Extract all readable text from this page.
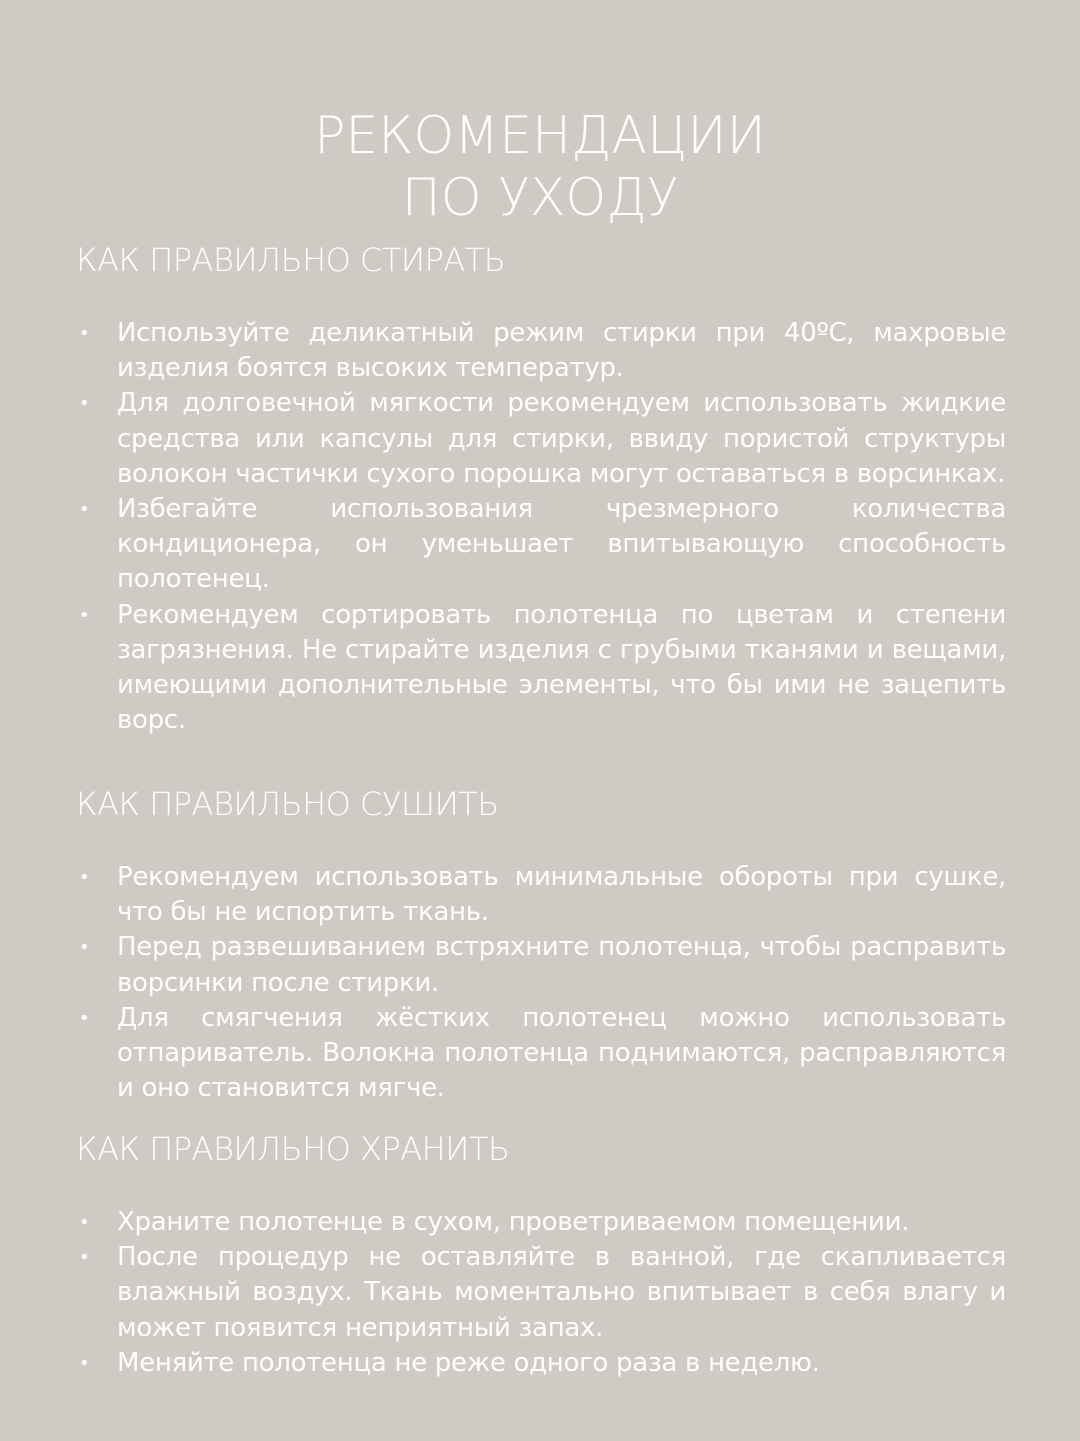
РЕКОМЕНДАЦИИ
ПО УХОДУ
КАК ПРАВИЛЬНО СТИРАТЬ
• Используйте деликатный режим стирки при 40ºС, махровые изделия боятся высоких температур.
• Для долговечной мягкости рекомендуем использовать жидкие средства или капсулы для стирки, ввиду пористой структуры волокон частички сухого порошка могут оставаться в ворсинках.
• Избегайте использования чрезмерного количества кондиционера, он уменьшает впитывающую способность полотенец.
• Рекомендуем сортировать полотенца по цветам и степени загрязнения. Не стирайте изделия с грубыми тканями и вещами, имеющими дополнительные элементы, что бы ими не зацепить ворс.
КАК ПРАВИЛЬНО СУШИТЬ
• Рекомендуем использовать минимальные обороты при сушке, что бы не испортить ткань.
• Перед развешиванием встряхните полотенца, чтобы расправить ворсинки после стирки.
• Для смягчения жёстких полотенец можно использовать отпариватель. Волокна полотенца поднимаются, расправляются и оно становится мягче.
КАК ПРАВИЛЬНО ХРАНИТЬ
• Храните полотенце в сухом, проветриваемом помещении.
• После процедур не оставляйте в ванной, где скапливается влажный воздух. Ткань моментально впитывает в себя влагу и может появится неприятный запах.
• Меняйте полотенца не реже одного раза в неделю.
